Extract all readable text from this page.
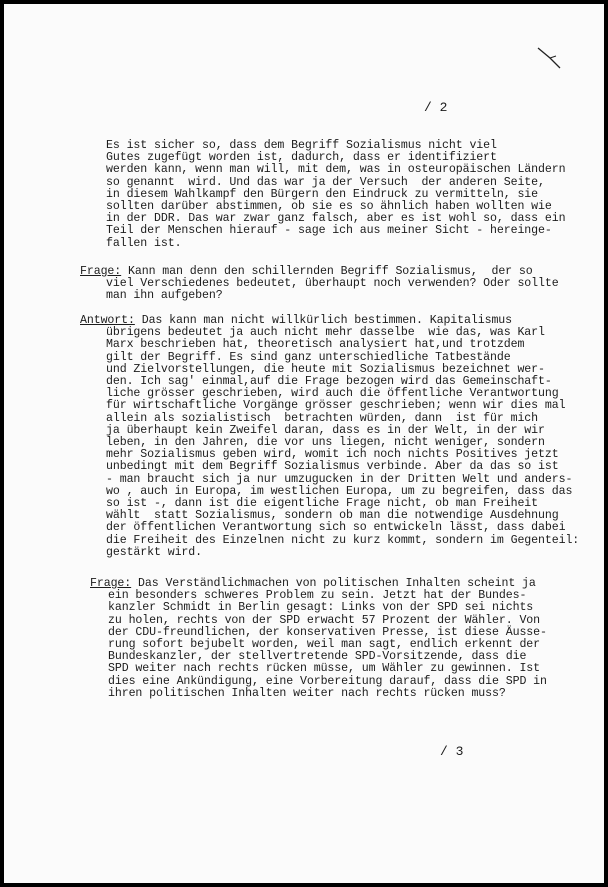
/ 2
Es ist sicher so, dass dem Begriff Sozialismus nicht viel
Gutes zugefügt worden ist, dadurch, dass er identifiziert
werden kann, wenn man will, mit dem, was in osteuropäischen Ländern
so genannt  wird. Und das war ja der Versuch  der anderen Seite,
in diesem Wahlkampf den Bürgern den Eindruck zu vermitteln, sie
sollten darüber abstimmen, ob sie es so ähnlich haben wollten wie
in der DDR. Das war zwar ganz falsch, aber es ist wohl so, dass ein
Teil der Menschen hierauf - sage ich aus meiner Sicht - hereinge-
fallen ist.
Frage: Kann man denn den schillernden Begriff Sozialismus,  der so
viel Verschiedenes bedeutet, überhaupt noch verwenden? Oder sollte
man ihn aufgeben?
Antwort: Das kann man nicht willkürlich bestimmen. Kapitalismus
übrigens bedeutet ja auch nicht mehr dasselbe  wie das, was Karl
Marx beschrieben hat, theoretisch analysiert hat,und trotzdem
gilt der Begriff. Es sind ganz unterschiedliche Tatbestände
und Zielvorstellungen, die heute mit Sozialismus bezeichnet wer-
den. Ich sag' einmal,auf die Frage bezogen wird das Gemeinschaft-
liche grösser geschrieben, wird auch die öffentliche Verantwortung
für wirtschaftliche Vorgänge grösser geschrieben; wenn wir dies mal
allein als sozialistisch  betrachten würden, dann  ist für mich
ja überhaupt kein Zweifel daran, dass es in der Welt, in der wir
leben, in den Jahren, die vor uns liegen, nicht weniger, sondern
mehr Sozialismus geben wird, womit ich noch nichts Positives jetzt
unbedingt mit dem Begriff Sozialismus verbinde. Aber da das so ist
- man braucht sich ja nur umzugucken in der Dritten Welt und anders-
wo , auch in Europa, im westlichen Europa, um zu begreifen, dass das
so ist -, dann ist die eigentliche Frage nicht, ob man Freiheit
wählt  statt Sozialismus, sondern ob man die notwendige Ausdehnung
der öffentlichen Verantwortung sich so entwickeln lässt, dass dabei
die Freiheit des Einzelnen nicht zu kurz kommt, sondern im Gegenteil:
gestärkt wird.
Frage: Das Verständlichmachen von politischen Inhalten scheint ja
ein besonders schweres Problem zu sein. Jetzt hat der Bundes-
kanzler Schmidt in Berlin gesagt: Links von der SPD sei nichts
zu holen, rechts von der SPD erwacht 57 Prozent der Wähler. Von
der CDU-freundlichen, der konservativen Presse, ist diese Äusse-
rung sofort bejubelt worden, weil man sagt, endlich erkennt der
Bundeskanzler, der stellvertretende SPD-Vorsitzende, dass die
SPD weiter nach rechts rücken müsse, um Wähler zu gewinnen. Ist
dies eine Ankündigung, eine Vorbereitung darauf, dass die SPD in
ihren politischen Inhalten weiter nach rechts rücken muss?
/ 3
